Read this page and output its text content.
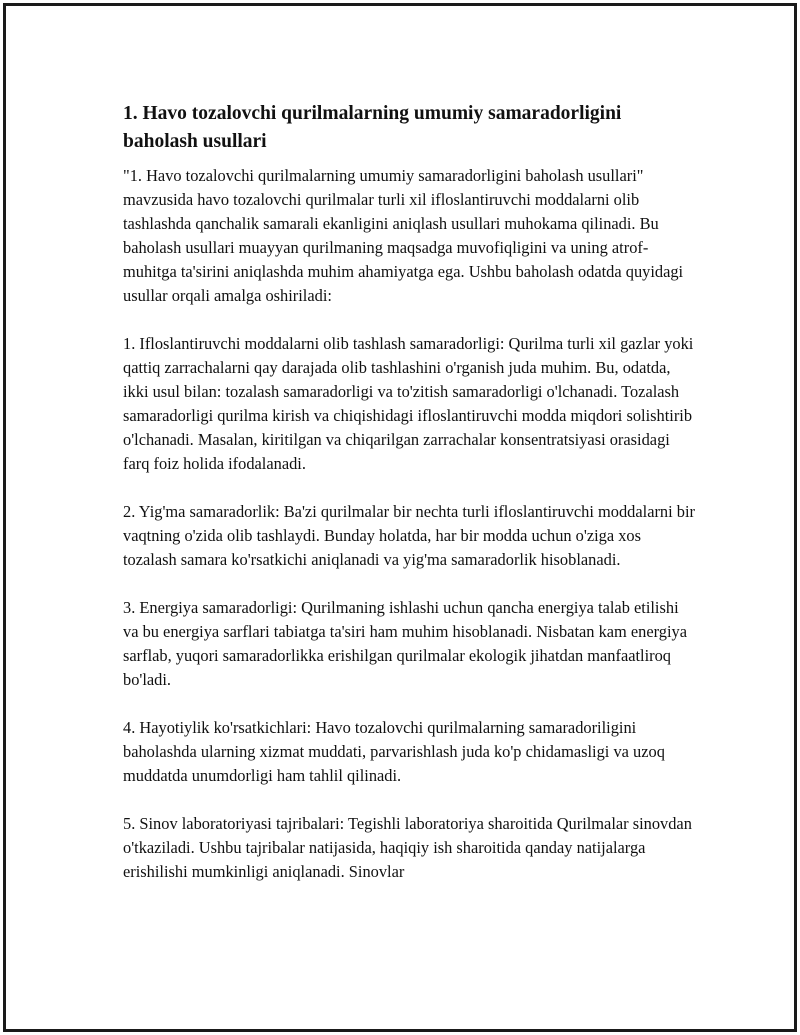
1. Havo tozalovchi qurilmalarning umumiy samaradorligini baholash usullari

"1. Havo tozalovchi qurilmalarning umumiy samaradorligini baholash usullari" mavzusida havo tozalovchi qurilmalar turli xil ifloslantiruvchi moddalarni olib tashlashda qanchalik samarali ekanligini aniqlash usullari muhokama qilinadi. Bu baholash usullari muayyan qurilmaning maqsadga muvofiqligini va uning atrof-muhitga ta'sirini aniqlashda muhim ahamiyatga ega. Ushbu baholash odatda quyidagi usullar orqali amalga oshiriladi:

1. Ifloslantiruvchi moddalarni olib tashlash samaradorligi: Qurilma turli xil gazlar yoki qattiq zarrachalarni qay darajada olib tashlashini o'rganish juda muhim. Bu, odatda, ikki usul bilan: tozalash samaradorligi va to'zitish samaradorligi o'lchanadi. Tozalash samaradorligi qurilma kirish va chiqishidagi ifloslantiruvchi modda miqdori solishtirib o'lchanadi. Masalan, kiritilgan va chiqarilgan zarrachalar konsentratsiyasi orasidagi farq foiz holida ifodalanadi.

2. Yig'ma samaradorlik: Ba'zi qurilmalar bir nechta turli ifloslantiruvchi moddalarni bir vaqtning o'zida olib tashlaydi. Bunday holatda, har bir modda uchun o'ziga xos tozalash samara ko'rsatkichi aniqlanadi va yig'ma samaradorlik hisoblanadi.

3. Energiya samaradorligi: Qurilmaning ishlashi uchun qancha energiya talab etilishi va bu energiya sarflari tabiatga ta'siri ham muhim hisoblanadi. Nisbatan kam energiya sarflab, yuqori samaradorlikka erishilgan qurilmalar ekologik jihatdan manfaatliroq bo'ladi.

4. Hayotiylik ko'rsatkichlari: Havo tozalovchi qurilmalarning samaradoriligini baholashda ularning xizmat muddati, parvarishlash juda ko'p chidamasligi va uzoq muddatda unumdorligi ham tahlil qilinadi.

5. Sinov laboratoriyasi tajribalari: Tegishli laboratoriya sharoitida Qurilmalar sinovdan o'tkaziladi. Ushbu tajribalar natijasida, haqiqiy ish sharoitida qanday natijalarga erishilishi mumkinligi aniqlanadi. Sinovlar
